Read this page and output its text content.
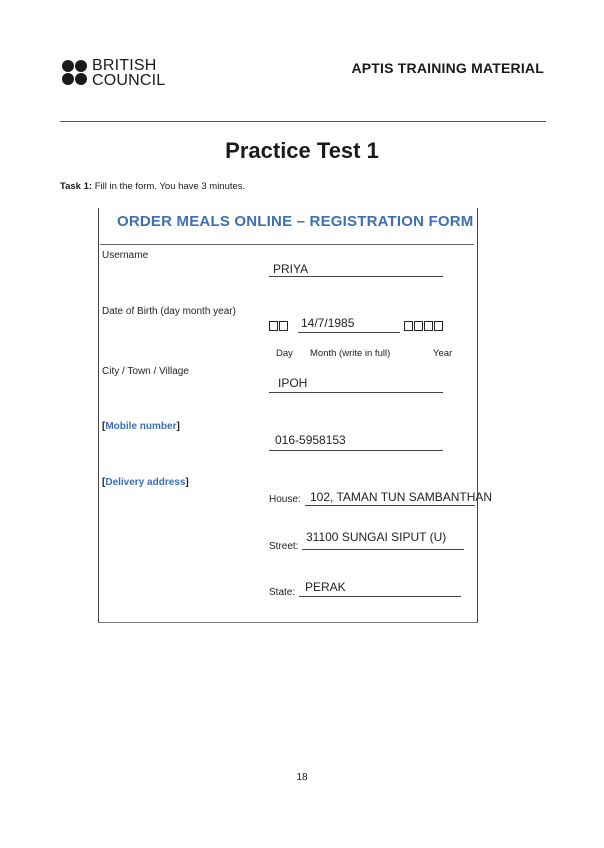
BRITISH
COUNCIL
APTIS TRAINING MATERIAL
Practice Test 1
Task 1: Fill in the form. You have 3 minutes.
ORDER MEALS ONLINE – REGISTRATION FORM
Username
PRIYA
Date of Birth (day month year)
14/7/1985
Day Month (write in full)	Year
City / Town / Village
IPOH
[Mobile number]
016-5958153
[Delivery address]
House: 102, TAMAN TUN SAMBANTHAN
Street:
31100 SUNGAI SIPUT (U)
State: PERAK
18
